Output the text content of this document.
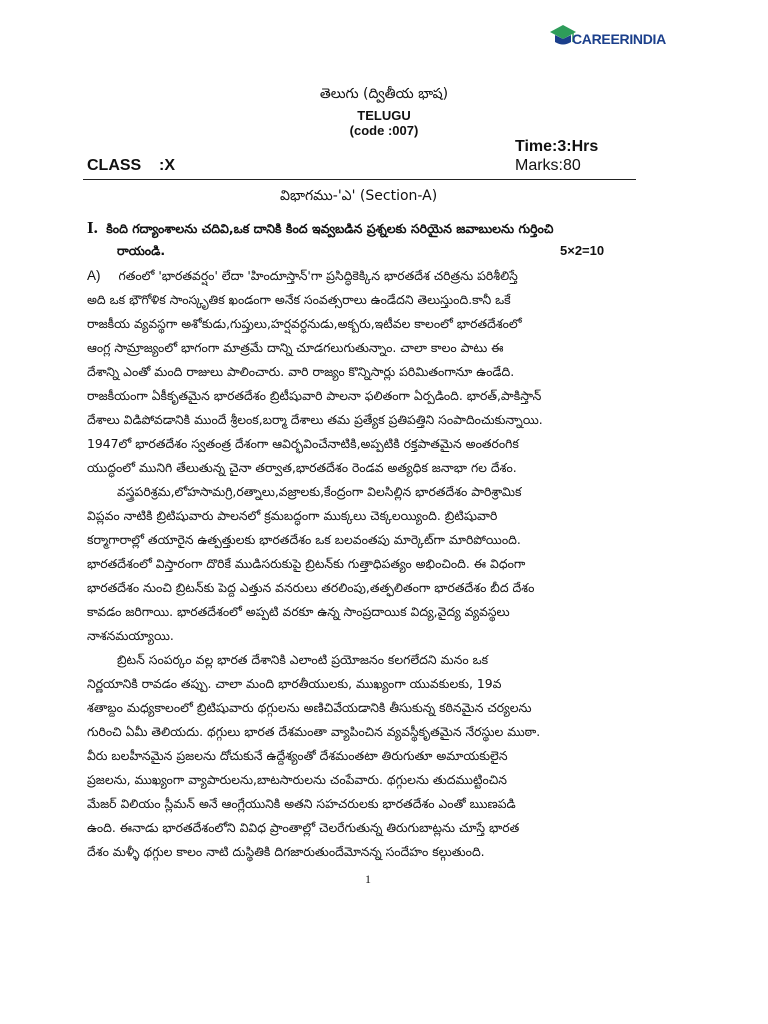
CAREERINDIA
తెలుగు (ద్వితీయ భాష)
TELUGU
(code :007)
Time:3:Hrs
CLASS    :X	Marks:80
విభాగము-'ఎ' (Section-A)
I. కింది గద్యాంశాలను చదివి,ఒక దానికి కింద ఇవ్వబడిన ప్రశ్నలకు సరియైన జవాబులను గుర్తించి
రాయండి.	5×2=10
A) గతంలో 'భారతవర్షం' లేదా 'హిందూస్తాన్'గా ప్రసిద్ధికెక్కిన భారతదేశ చరిత్రను పరిశీలిస్తే
అది ఒక భౌగోళిక సాంస్కృతిక ఖండంగా అనేక సంవత్సరాలు ఉండేదని తెలుస్తుంది.కానీ ఒకే
రాజకీయ వ్యవస్థగా అశోకుడు,గుప్తులు,హర్షవర్ధనుడు,అక్బరు,ఇటీవల కాలంలో భారతదేశంలో
ఆంగ్ల సామ్రాజ్యంలో భాగంగా మాత్రమే దాన్ని చూడగలుగుతున్నాం. చాలా కాలం పాటు ఈ
దేశాన్ని ఎంతో మంది రాజులు పాలించారు. వారి రాజ్యం కొన్నిసార్లు పరిమితంగానూ ఉండేది.
రాజకీయంగా ఏకీకృతమైన భారతదేశం బ్రిటీషువారి పాలనా ఫలితంగా ఏర్పడింది. భారత్,పాకిస్తాన్
దేశాలు విడిపోవడానికి ముందే శ్రీలంక,బర్మా దేశాలు తమ ప్రత్యేక ప్రతిపత్తిని సంపాదించుకున్నాయి.
1947లో భారతదేశం స్వతంత్ర దేశంగా ఆవిర్భవించేనాటికి,అప్పటికి రక్తపాతమైన అంతరంగిక
యుద్ధంలో మునిగి తేలుతున్న చైనా తర్వాత,భారతదేశం రెండవ అత్యధిక జనాభా గల దేశం.
వస్త్రపరిశ్రమ,లోహసామగ్రి,రత్నాలు,వజ్రాలకు,కేంద్రంగా విలసిల్లిన భారతదేశం పారిశ్రామిక
విప్లవం నాటికి బ్రిటిషువారు పాలనలో క్రమబద్ధంగా ముక్కలు చెక్కలయ్యింది. బ్రిటిషువారి
కర్మాగారాల్లో తయారైన ఉత్పత్తులకు భారతదేశం ఒక బలవంతపు మార్కెట్‌గా మారిపోయింది.
భారతదేశంలో విస్తారంగా దొరికే ముడిసరుకుపై బ్రిటన్‌కు గుత్తాధిపత్యం అభించింది. ఈ విధంగా
భారతదేశం నుంచి బ్రిటన్‌కు పెద్ద ఎత్తున వనరులు తరలింపు,తత్ఫలితంగా భారతదేశం బీద దేశం
కావడం జరిగాయి. భారతదేశంలో అప్పటి వరకూ ఉన్న సాంప్రదాయిక విద్య,వైద్య వ్యవస్థలు
నాశనమయ్యాయి.
బ్రిటన్ సంపర్కం వల్ల భారత దేశానికి ఎలాంటి ప్రయోజనం కలగలేదని మనం ఒక
నిర్ణయానికి రావడం తప్పు. చాలా మంది భారతీయులకు, ముఖ్యంగా యువకులకు, 19వ
శతాబ్దం మధ్యకాలంలో బ్రిటిషువారు థగ్గులను అణిచివేయడానికి తీసుకున్న కఠినమైన చర్యలను
గురించి ఏమీ తెలియదు. థగ్గులు భారత దేశమంతా వ్యాపించిన వ్యవస్థీకృతమైన నేరస్థుల ముఠా.
వీరు బలహీనమైన ప్రజలను దోచుకునే ఉద్దేశ్యంతో దేశమంతటా తిరుగుతూ అమాయకులైన
ప్రజలను, ముఖ్యంగా వ్యాపారులను,బాటసారులను చంపేవారు. థగ్గులను తుదముట్టించిన
మేజర్ విలియం స్లీమన్ అనే ఆంగ్లేయునికి అతని సహచరులకు భారతదేశం ఎంతో ఋణపడి
ఉంది. ఈనాడు భారతదేశంలోని వివిధ ప్రాంతాల్లో చెలరేగుతున్న తిరుగుబాట్లను చూస్తే భారత
దేశం మళ్ళీ థగ్గుల కాలం నాటి దుస్థితికి దిగజారుతుందేమోనన్న సందేహం కల్గుతుంది.
1
